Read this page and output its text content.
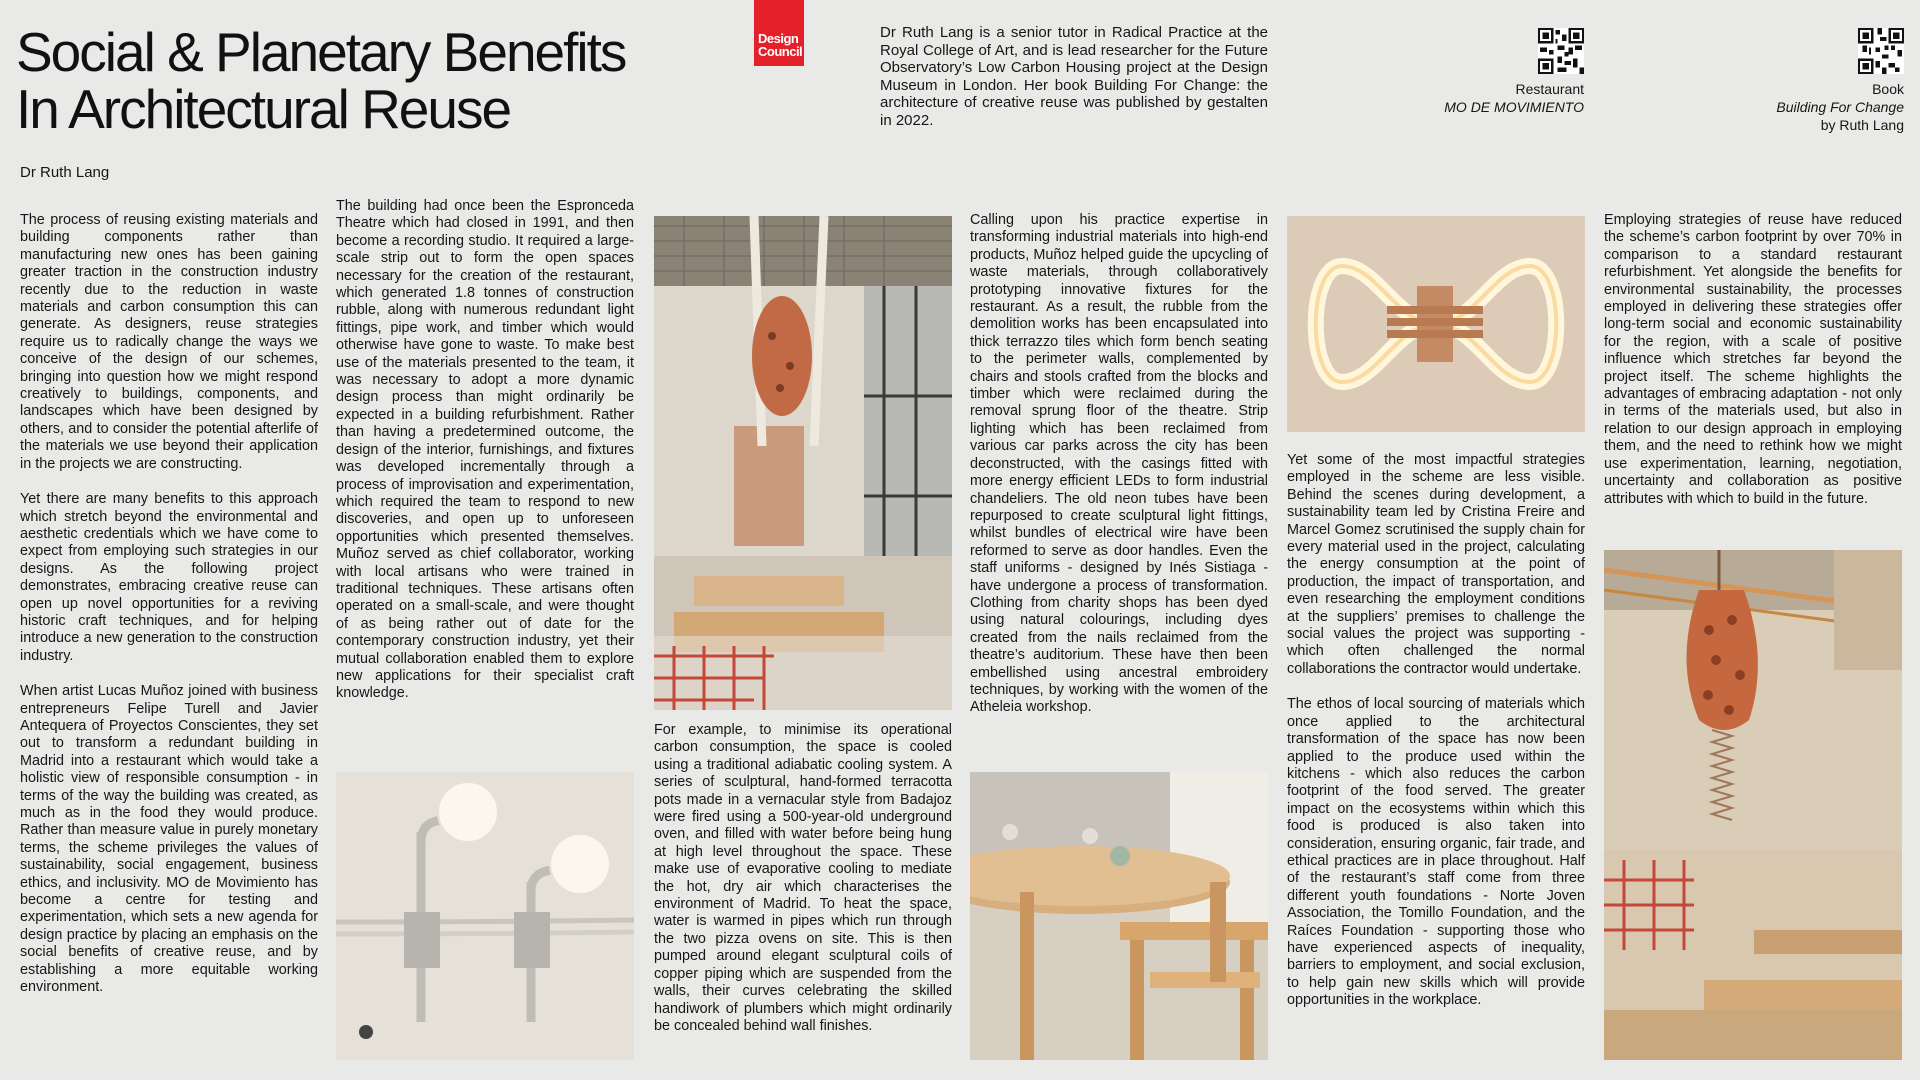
Social & Planetary Benefits
In Architectural Reuse
Dr Ruth Lang
Design
Council

Dr Ruth Lang is a senior tutor in Radical Practice at the Royal College of Art, and is lead researcher for the Future Observatory’s Low Carbon Housing project at the Design Museum in London. Her book Building For Change: the architecture of creative reuse was published by gestalten in 2022.

Restaurant
MO DE MOVIMIENTO
Book
Building For Change
by Ruth Lang

The process of reusing existing materials and building components rather than manufacturing new ones has been gaining greater traction in the construction industry recently due to the reduction in waste materials and carbon consumption this can generate. As designers, reuse strategies require us to radically change the ways we conceive of the design of our schemes, bringing into question how we might respond creatively to buildings, components, and landscapes which have been designed by others, and to consider the potential afterlife of the materials we use beyond their application in the projects we are constructing.

Yet there are many benefits to this approach which stretch beyond the environmental and aesthetic credentials which we have come to expect from employing such strategies in our designs. As the following project demonstrates, embracing creative reuse can open up novel opportunities for a reviving historic craft techniques, and for helping introduce a new generation to the construction industry.

When artist Lucas Muñoz joined with business entrepreneurs Felipe Turell and Javier Antequera of Proyectos Conscientes, they set out to transform a redundant building in Madrid into a restaurant which would take a holistic view of responsible consumption - in terms of the way the building was created, as much as in the food they would produce. Rather than measure value in purely monetary terms, the scheme privileges the values of sustainability, social engagement, business ethics, and inclusivity. MO de Movimiento has become a centre for testing and experimentation, which sets a new agenda for design practice by placing an emphasis on the social benefits of creative reuse, and by establishing a more equitable working environment.

The building had once been the Espronceda Theatre which had closed in 1991, and then become a recording studio. It required a large-scale strip out to form the open spaces necessary for the creation of the restaurant, which generated 1.8 tonnes of construction rubble, along with numerous redundant light fittings, pipe work, and timber which would otherwise have gone to waste. To make best use of the materials presented to the team, it was necessary to adopt a more dynamic design process than might ordinarily be expected in a building refurbishment. Rather than having a predetermined outcome, the design of the interior, furnishings, and fixtures was developed incrementally through a process of improvisation and experimentation, which required the team to respond to new discoveries, and open up to unforeseen opportunities which presented themselves. Muñoz served as chief collaborator, working with local artisans who were trained in traditional techniques. These artisans often operated on a small-scale, and were thought of as being rather out of date for the contemporary construction industry, yet their mutual collaboration enabled them to explore new applications for their specialist craft knowledge.

For example, to minimise its operational carbon consumption, the space is cooled using a traditional adiabatic cooling system. A series of sculptural, hand-formed terracotta pots made in a vernacular style from Badajoz were fired using a 500-year-old underground oven, and filled with water before being hung at high level throughout the space. These make use of evaporative cooling to mediate the hot, dry air which characterises the environment of Madrid. To heat the space, water is warmed in pipes which run through the two pizza ovens on site. This is then pumped around elegant sculptural coils of copper piping which are suspended from the walls, their curves celebrating the skilled handiwork of plumbers which might ordinarily be concealed behind wall finishes.

Calling upon his practice expertise in transforming industrial materials into high-end products, Muñoz helped guide the upcycling of waste materials, through collaboratively prototyping innovative fixtures for the restaurant. As a result, the rubble from the demolition works has been encapsulated into thick terrazzo tiles which form bench seating to the perimeter walls, complemented by chairs and stools crafted from the blocks and timber which were reclaimed during the removal sprung floor of the theatre. Strip lighting which has been reclaimed from various car parks across the city has been deconstructed, with the casings fitted with more energy efficient LEDs to form industrial chandeliers. The old neon tubes have been repurposed to create sculptural light fittings, whilst bundles of electrical wire have been reformed to serve as door handles. Even the staff uniforms - designed by Inés Sistiaga - have undergone a process of transformation. Clothing from charity shops has been dyed using natural colourings, including dyes created from the nails reclaimed from the theatre’s auditorium. These have then been embellished using ancestral embroidery techniques, by working with the women of the Atheleia workshop.

Yet some of the most impactful strategies employed in the scheme are less visible. Behind the scenes during development, a sustainability team led by Cristina Freire and Marcel Gomez scrutinised the supply chain for every material used in the project, calculating the energy consumption at the point of production, the impact of transportation, and even researching the employment conditions at the suppliers’ premises to challenge the social values the project was supporting - which often challenged the normal collaborations the contractor would undertake.

The ethos of local sourcing of materials which once applied to the architectural transformation of the space has now been applied to the produce used within the kitchens - which also reduces the carbon footprint of the food served. The greater impact on the ecosystems within which this food is produced is also taken into consideration, ensuring organic, fair trade, and ethical practices are in place throughout. Half of the restaurant’s staff come from three different youth foundations - Norte Joven Association, the Tomillo Foundation, and the Raíces Foundation - supporting those who have experienced aspects of inequality, barriers to employment, and social exclusion, to help gain new skills which will provide opportunities in the workplace.

Employing strategies of reuse have reduced the scheme’s carbon footprint by over 70% in comparison to a standard restaurant refurbishment. Yet alongside the benefits for environmental sustainability, the processes employed in delivering these strategies offer long-term social and economic sustainability for the region, with a scale of positive influence which stretches far beyond the project itself. The scheme highlights the advantages of embracing adaptation - not only in terms of the materials used, but also in relation to our design approach in employing them, and the need to rethink how we might use experimentation, learning, negotiation, uncertainty and collaboration as positive attributes with which to build in the future.
